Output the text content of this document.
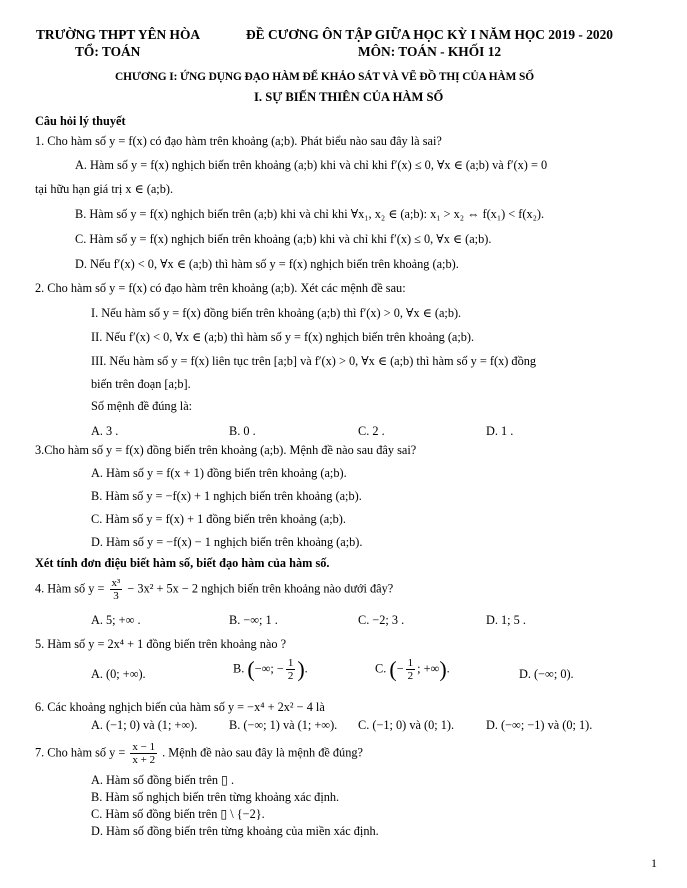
TRƯỜNG THPT YÊN HÒA	ĐỀ CƯƠNG ÔN TẬP GIỮA HỌC KỲ I NĂM HỌC 2019 - 2020
TỔ: TOÁN	MÔN: TOÁN - KHỐI 12
CHƯƠNG I: ỨNG DỤNG ĐẠO HÀM ĐỂ KHẢO SÁT VÀ VẼ ĐỒ THỊ CỦA HÀM SỐ
I. SỰ BIẾN THIÊN CỦA HÀM SỐ
Câu hỏi lý thuyết
1. Cho hàm số y = f(x) có đạo hàm trên khoảng (a;b). Phát biểu nào sau đây là sai?
A. Hàm số y = f(x) nghịch biến trên khoảng (a;b) khi và chỉ khi f′(x) ≤ 0, ∀x ∈ (a;b) và f′(x) = 0
tại hữu hạn giá trị x ∈ (a;b).
B. Hàm số y = f(x) nghịch biến trên (a;b) khi và chỉ khi ∀x₁, x₂ ∈ (a;b): x₁ > x₂ ⇔ f(x₁) < f(x₂).
C. Hàm số y = f(x) nghịch biến trên khoảng (a;b) khi và chỉ khi f′(x) ≤ 0, ∀x ∈ (a;b).
D. Nếu f′(x) < 0, ∀x ∈ (a;b) thì hàm số y = f(x) nghịch biến trên khoảng (a;b).
2. Cho hàm số y = f(x) có đạo hàm trên khoảng (a;b). Xét các mệnh đề sau:
I. Nếu hàm số y = f(x) đồng biến trên khoảng (a;b) thì f′(x) > 0, ∀x ∈ (a;b).
II. Nếu f′(x) < 0, ∀x ∈ (a;b) thì hàm số y = f(x) nghịch biến trên khoảng (a;b).
III. Nếu hàm số y = f(x) liên tục trên [a;b] và f′(x) > 0, ∀x ∈ (a;b) thì hàm số y = f(x) đồng
biến trên đoạn [a;b].
Số mệnh đề đúng là:
A. 3 .	B. 0 .	C. 2 .	D. 1 .
3.Cho hàm số y = f(x) đồng biến trên khoảng (a;b). Mệnh đề nào sau đây sai?
A. Hàm số y = f(x + 1) đồng biến trên khoảng (a;b).
B. Hàm số y = −f(x) + 1 nghịch biến trên khoảng (a;b).
C. Hàm số y = f(x) + 1 đồng biến trên khoảng (a;b).
D. Hàm số y = −f(x) − 1 nghịch biến trên khoảng (a;b).
Xét tính đơn điệu biết hàm số, biết đạo hàm của hàm số.
4. Hàm số $y = \frac{\text{x³}}{3} - 3x^2 + 5x - 2$ nghịch biến trên khoảng nào dưới đây?
A. 5; +∞ .	B. −∞; 1 .	C. −2; 3 .	D. 1; 5 .
5. Hàm số y = 2x⁴ + 1 đồng biến trên khoảng nào ?
A. (0; +∞).	B. (−∞; − $\frac{1}{2}$ ).	C. (− $\frac{1}{2}$ ; +∞).	D. (−∞; 0).
6. Các khoảng nghịch biến của hàm số y = −x⁴ + 2x² − 4 là
A. (−1; 0) và (1; +∞).	B. (−∞; 1) và (1; +∞). C. (−1; 0) và (0; 1).	D. (−∞; −1) và (0; 1).
7. Cho hàm số $y = \frac{x - 1}{x + 2}$ . Mệnh đề nào sau đây là mệnh đề đúng?
A. Hàm số đồng biến trên ▯ .
B. Hàm số nghịch biến trên từng khoảng xác định.
C. Hàm số đồng biến trên ▯ \ {−2}.
D. Hàm số đồng biến trên từng khoảng của miền xác định.
1
